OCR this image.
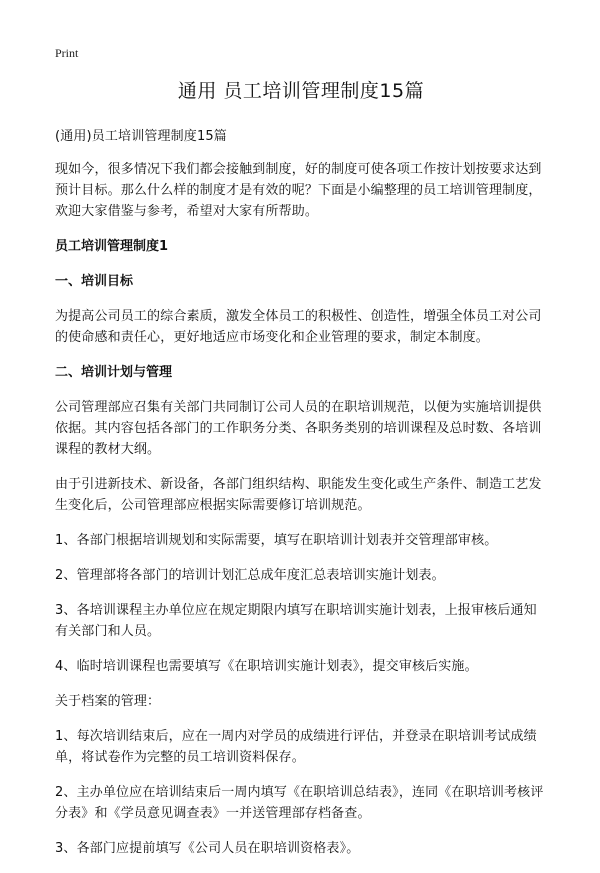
Print
通用 员工培训管理制度15篇

(通用)员工培训管理制度15篇

现如今，很多情况下我们都会接触到制度，好的制度可使各项工作按计划按要求达到预计目标。那么什么样的制度才是有效的呢？下面是小编整理的员工培训管理制度，欢迎大家借鉴与参考，希望对大家有所帮助。

员工培训管理制度1

一、培训目标

为提高公司员工的综合素质，激发全体员工的积极性、创造性，增强全体员工对公司的使命感和责任心，更好地适应市场变化和企业管理的要求，制定本制度。

二、培训计划与管理

公司管理部应召集有关部门共同制订公司人员的在职培训规范，以便为实施培训提供依据。其内容包括各部门的工作职务分类、各职务类别的培训课程及总时数、各培训课程的教材大纲。

由于引进新技术、新设备，各部门组织结构、职能发生变化或生产条件、制造工艺发生变化后，公司管理部应根据实际需要修订培训规范。

1、各部门根据培训规划和实际需要，填写在职培训计划表并交管理部审核。

2、管理部将各部门的培训计划汇总成年度汇总表培训实施计划表。

3、各培训课程主办单位应在规定期限内填写在职培训实施计划表，上报审核后通知有关部门和人员。

4、临时培训课程也需要填写《在职培训实施计划表》，提交审核后实施。

关于档案的管理：

1、每次培训结束后，应在一周内对学员的成绩进行评估，并登录在职培训考试成绩单，将试卷作为完整的员工培训资料保存。

2、主办单位应在培训结束后一周内填写《在职培训总结表》，连同《在职培训考核评分表》和《学员意见调查表》一并送管理部存档备查。

3、各部门应提前填写《公司人员在职培训资格表》。
